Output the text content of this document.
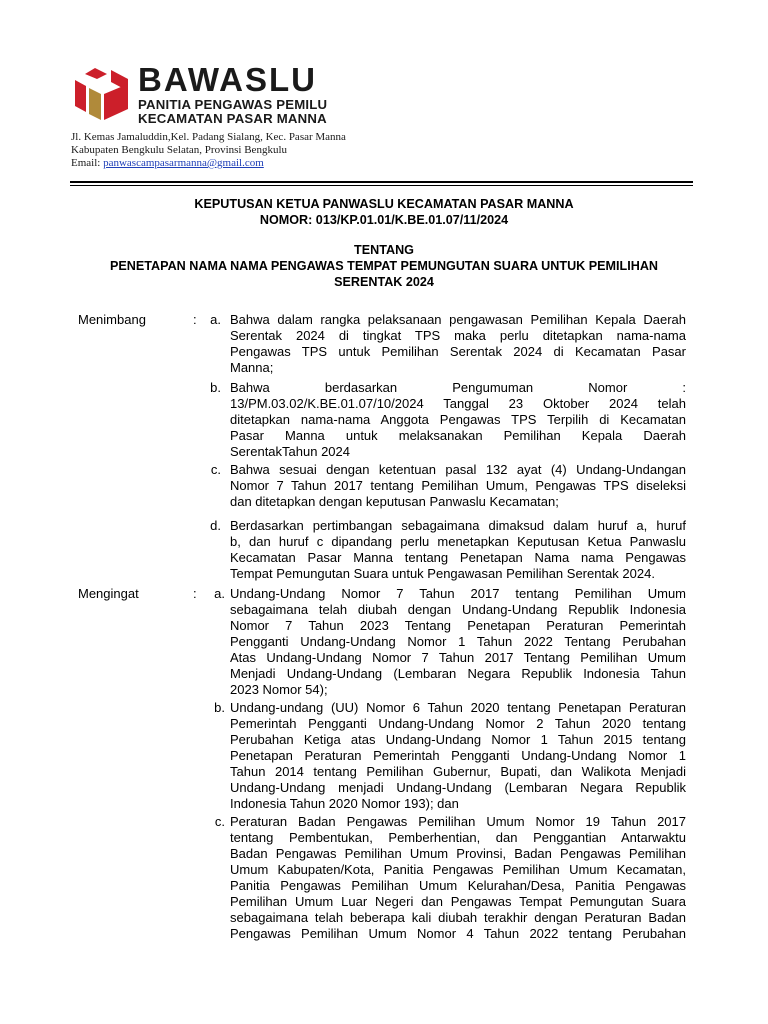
BAWASLU
PANITIA PENGAWAS PEMILU
KECAMATAN PASAR MANNA
Jl. Kemas Jamaluddin,Kel. Padang Sialang, Kec. Pasar Manna
Kabupaten Bengkulu Selatan, Provinsi Bengkulu
Email: panwascampasarmanna@gmail.com
KEPUTUSAN KETUA PANWASLU KECAMATAN PASAR MANNA
NOMOR: 013/KP.01.01/K.BE.01.07/11/2024
TENTANG
PENETAPAN NAMA NAMA PENGAWAS TEMPAT PEMUNGUTAN SUARA UNTUK PEMILIHAN
SERENTAK 2024
Menimbang	:	a. Bahwa dalam rangka pelaksanaan pengawasan Pemilihan Kepala Daerah
Serentak 2024 di tingkat TPS maka perlu ditetapkan nama-nama
Pengawas TPS untuk Pemilihan Serentak 2024 di Kecamatan Pasar
Manna;
b. Bahwa berdasarkan Pengumuman Nomor :
13/PM.03.02/K.BE.01.07/10/2024 Tanggal 23 Oktober 2024 telah
ditetapkan nama-nama Anggota Pengawas TPS Terpilih di Kecamatan
Pasar Manna untuk melaksanakan Pemilihan Kepala Daerah
SerentakTahun 2024
c. Bahwa sesuai dengan ketentuan pasal 132 ayat (4) Undang-Undangan
Nomor 7 Tahun 2017 tentang Pemilihan Umum, Pengawas TPS diseleksi
dan ditetapkan dengan keputusan Panwaslu Kecamatan;
d. Berdasarkan pertimbangan sebagaimana dimaksud dalam huruf a, huruf
b, dan huruf c dipandang perlu menetapkan Keputusan Ketua Panwaslu
Kecamatan Pasar Manna tentang Penetapan Nama nama Pengawas
Tempat Pemungutan Suara untuk Pengawasan Pemilihan Serentak 2024.
Mengingat	:	a. Undang-Undang Nomor 7 Tahun 2017 tentang Pemilihan Umum
sebagaimana telah diubah dengan Undang-Undang Republik Indonesia
Nomor 7 Tahun 2023 Tentang Penetapan Peraturan Pemerintah
Pengganti Undang-Undang Nomor 1 Tahun 2022 Tentang Perubahan
Atas Undang-Undang Nomor 7 Tahun 2017 Tentang Pemilihan Umum
Menjadi Undang-Undang (Lembaran Negara Republik Indonesia Tahun
2023 Nomor 54);
b. Undang-undang (UU) Nomor 6 Tahun 2020 tentang Penetapan Peraturan
Pemerintah Pengganti Undang-Undang Nomor 2 Tahun 2020 tentang
Perubahan Ketiga atas Undang-Undang Nomor 1 Tahun 2015 tentang
Penetapan Peraturan Pemerintah Pengganti Undang-Undang Nomor 1
Tahun 2014 tentang Pemilihan Gubernur, Bupati, dan Walikota Menjadi
Undang-Undang menjadi Undang-Undang (Lembaran Negara Republik
Indonesia Tahun 2020 Nomor 193); dan
c. Peraturan Badan Pengawas Pemilihan Umum Nomor 19 Tahun 2017
tentang Pembentukan, Pemberhentian, dan Penggantian Antarwaktu
Badan Pengawas Pemilihan Umum Provinsi, Badan Pengawas Pemilihan
Umum Kabupaten/Kota, Panitia Pengawas Pemilihan Umum Kecamatan,
Panitia Pengawas Pemilihan Umum Kelurahan/Desa, Panitia Pengawas
Pemilihan Umum Luar Negeri dan Pengawas Tempat Pemungutan Suara
sebagaimana telah beberapa kali diubah terakhir dengan Peraturan Badan
Pengawas Pemilihan Umum Nomor 4 Tahun 2022 tentang Perubahan
